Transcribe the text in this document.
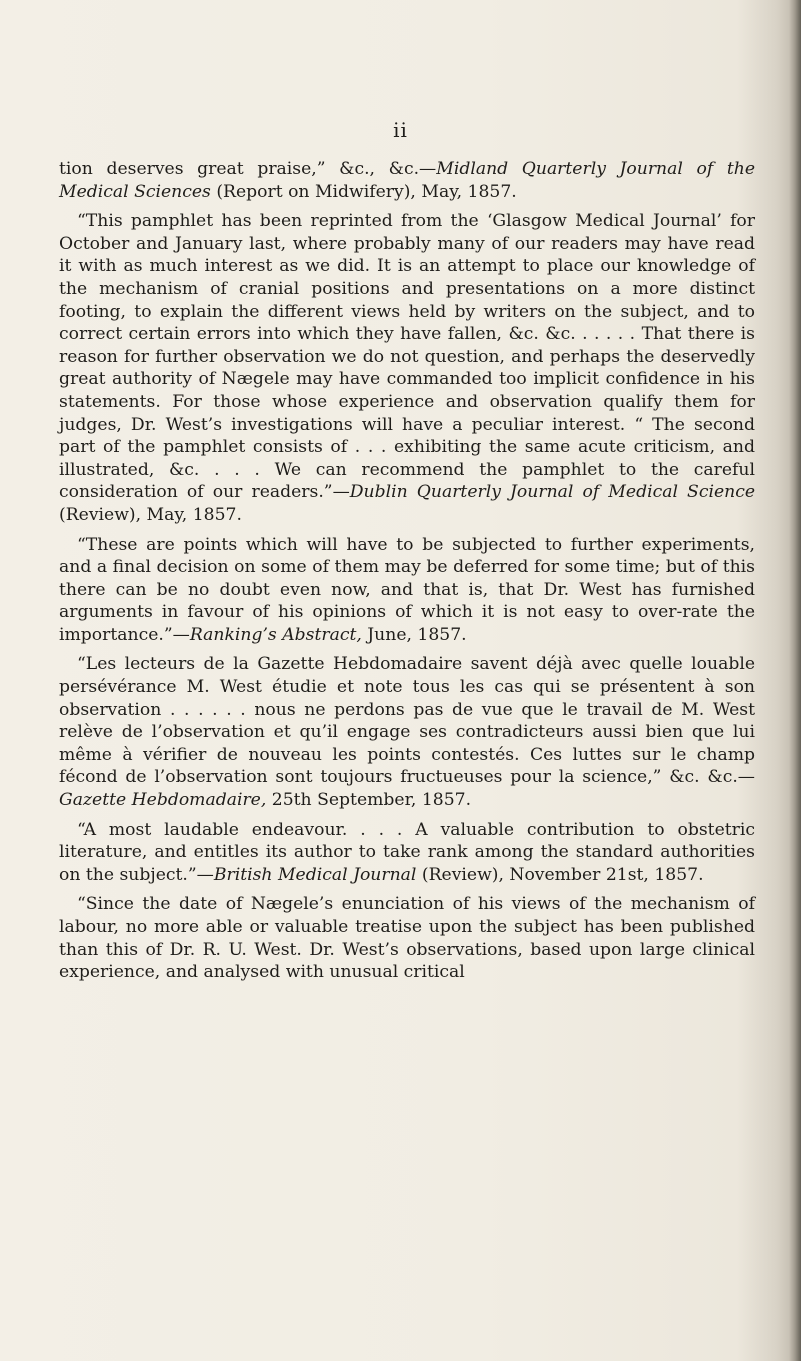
ii

tion deserves great praise,” &c., &c.—Midland Quarterly Journal of the Medical Sciences (Report on Midwifery), May, 1857.

“This pamphlet has been reprinted from the ‘Glasgow Medical Journal’ for October and January last, where probably many of our readers may have read it with as much interest as we did. It is an attempt to place our knowledge of the mechanism of cranial positions and presentations on a more distinct footing, to explain the different views held by writers on the subject, and to correct certain errors into which they have fallen, &c. &c. . . . . . That there is reason for further observation we do not question, and perhaps the deservedly great authority of Nægele may have commanded too implicit confidence in his statements. For those whose experience and observation qualify them for judges, Dr. West’s investigations will have a peculiar interest. “ The second part of the pamphlet consists of . . . exhibiting the same acute criticism, and illustrated, &c. . . . We can recommend the pamphlet to the careful consideration of our readers.”—Dublin Quarterly Journal of Medical Science (Review), May, 1857.

“These are points which will have to be subjected to further experiments, and a final decision on some of them may be deferred for some time; but of this there can be no doubt even now, and that is, that Dr. West has furnished arguments in favour of his opinions of which it is not easy to over-rate the importance.”—Ranking’s Abstract, June, 1857.

“Les lecteurs de la Gazette Hebdomadaire savent déjà avec quelle louable persévérance M. West étudie et note tous les cas qui se présentent à son observation . . . . . . nous ne perdons pas de vue que le travail de M. West relève de l’observation et qu’il engage ses contradicteurs aussi bien que lui même à vérifier de nouveau les points contestés. Ces luttes sur le champ fécond de l’observation sont toujours fructueuses pour la science,” &c. &c.—Gazette Hebdomadaire, 25th September, 1857.

“A most laudable endeavour. . . . A valuable contribution to obstetric literature, and entitles its author to take rank among the standard authorities on the subject.”—British Medical Journal (Review), November 21st, 1857.

“Since the date of Nægele’s enunciation of his views of the mechanism of labour, no more able or valuable treatise upon the subject has been published than this of Dr. R. U. West. Dr. West’s observations, based upon large clinical experience, and analysed with unusual critical
